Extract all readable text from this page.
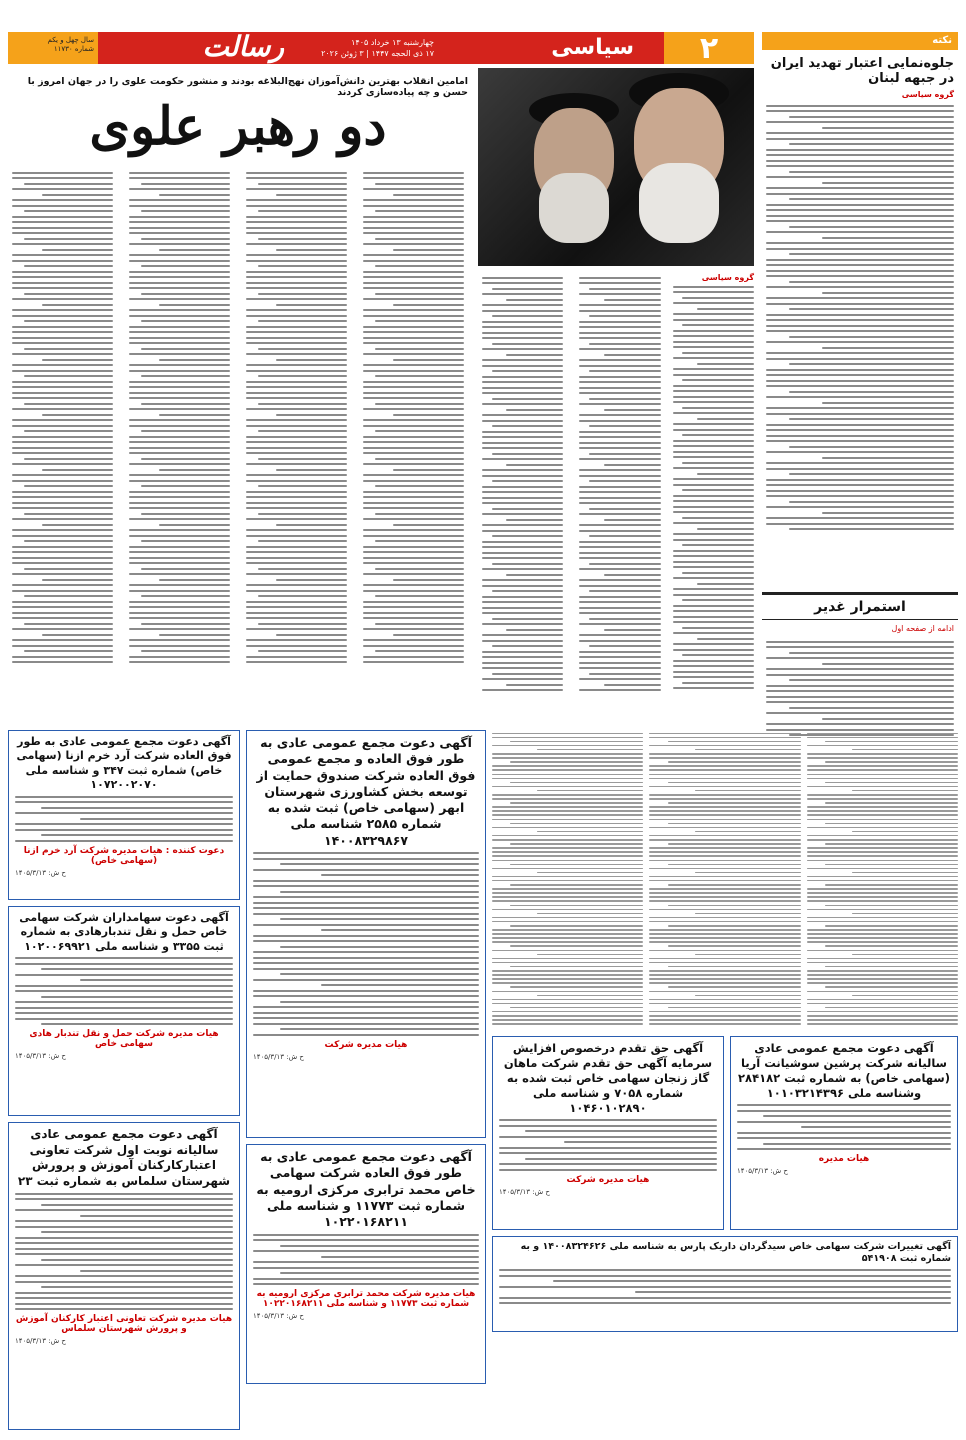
۲
سیاسی
چهارشنبه ۱۳ خرداد ۱۴۰۵
۱۷ ذی الحجه ۱۴۴۷ | ۳ ژوئن ۲۰۲۶
رسالت
سال چهل و یکم
شماره ۱۱۷۳۰
نکته
جلوه‌نمایی اعتبار تهدید ایران در جبهه لبنان
گروه سیاسی
استمرار غدیر
ادامه از صفحه اول
امامین انقلاب بهترین دانش‌آموزان نهج‌البلاغه بودند و منشور حکومت علوی را در جهان امروز با حسن و چه پیاده‌سازی کردند
دو رهبر علوی
گروه سیاسی
آگهی دعوت مجمع عمومی عادی به طور فوق العاده شرکت آرد خرم ازنا (سهامی خاص) شماره ثبت ۳۴۷ و شناسه ملی ۱۰۷۲۰۰۲۰۷۰
دعوت کننده : هیات مدیره شرکت آرد خرم ازنا (سهامی خاص)
ح ش: ۱۴۰۵/۳/۱۳
آگهی دعوت سهامداران شرکت سهامی خاص حمل و نقل تندبارهادی به شماره ثبت ۳۳۵۵ و شناسه ملی ۱۰۲۰۰۶۹۹۲۱
هیات مدیره شرکت حمل و نقل تندبار هادی سهامی خاص
ح ش: ۱۴۰۵/۳/۱۳
آگهی دعوت مجمع عمومی عادی سالیانه نوبت اول شرکت تعاونی اعتبارکارکنان آموزش و پرورش شهرستان سلماس به شماره ثبت ۲۳
هیات مدیره شرکت تعاونی اعتبار کارکنان آموزش و پرورش شهرستان سلماس
ح ش: ۱۴۰۵/۳/۱۳
آگهی دعوت مجمع عمومی عادی به طور فوق العاده و مجمع عمومی فوق العاده شرکت صندوق حمایت از توسعه بخش کشاورزی شهرستان ابهر (سهامی خاص) ثبت شده به شماره ۲۵۸۵ شناسه ملی ۱۴۰۰۸۳۲۹۸۶۷
هیات مدیره شرکت
ح ش: ۱۴۰۵/۳/۱۳
آگهی دعوت مجمع عمومی عادی به طور فوق العاده شرکت سهامی خاص محمد ترابری مرکزی ارومیه به شماره ثبت ۱۱۷۷۳ و شناسه ملی ۱۰۲۲۰۱۶۸۲۱۱
هیات مدیره شرکت محمد ترابری مرکزی ارومیه به شماره ثبت ۱۱۷۷۳ و شناسه ملی ۱۰۲۲۰۱۶۸۲۱۱
ح ش: ۱۴۰۵/۳/۱۳
آگهی حق تقدم درخصوص افزایش سرمایه آگهی حق تقدم شرکت ماهان گاز زنجان سهامی خاص ثبت شده به شماره ۷۰۵۸ و شناسه ملی ۱۰۴۶۰۱۰۲۸۹۰
هیات مدیره شرکت
ح ش: ۱۴۰۵/۳/۱۳
آگهی دعوت مجمع عمومی عادی سالیانه شرکت پرشین سوشیانت آریا (سهامی خاص) به شماره ثبت ۲۸۴۱۸۲ وشناسه ملی ۱۰۱۰۳۲۱۴۳۹۶
هیات مدیره
ح ش: ۱۴۰۵/۳/۱۳
آگهی تغییرات شرکت سهامی خاص سیدگردان داریک پارس به شناسه ملی ۱۴۰۰۸۳۲۴۶۲۶ و به شماره ثبت ۵۴۱۹۰۸
